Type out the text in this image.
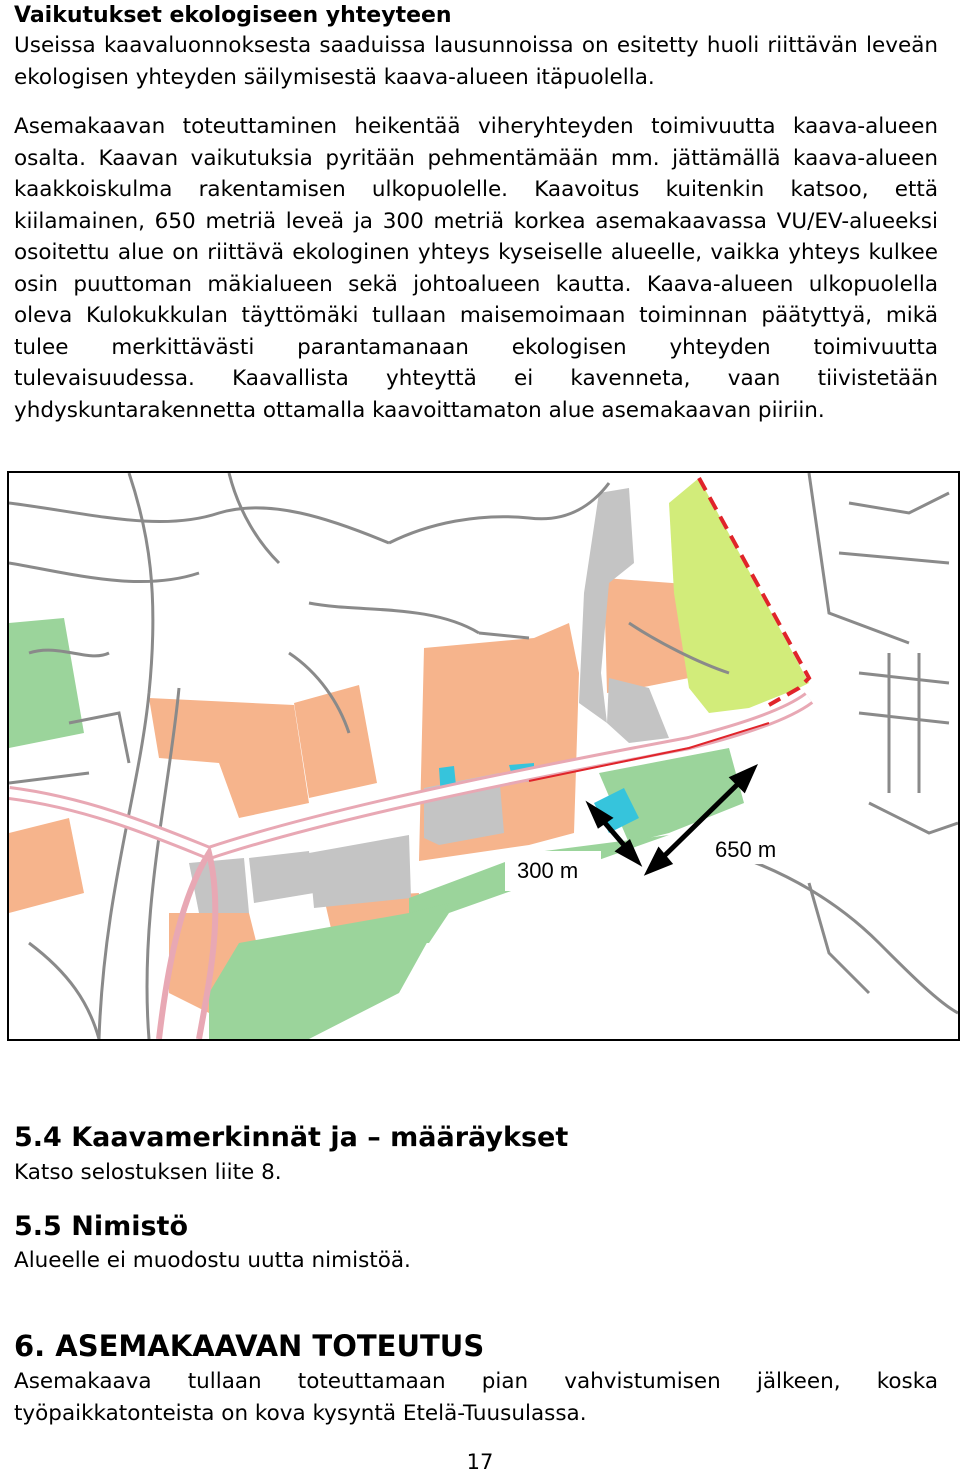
Vaikutukset ekologiseen yhteyteen

Useissa kaavaluonnoksesta saaduissa lausunnoissa on esitetty huoli riittävän leveän ekologisen yhteyden säilymisestä kaava-alueen itäpuolella.

Asemakaavan toteuttaminen heikentää viheryhteyden toimivuutta kaava-alueen osalta. Kaavan vaikutuksia pyritään pehmentämään mm. jättämällä kaava-alueen kaakkoiskulma rakentamisen ulkopuolelle. Kaavoitus kuitenkin katsoo, että kiilamainen, 650 metriä leveä ja 300 metriä korkea asemakaavassa VU/EV-alueeksi osoitettu alue on riittävä ekologinen yhteys kyseiselle alueelle, vaikka yhteys kulkee osin puuttoman mäkialueen sekä johtoalueen kautta. Kaava-alueen ulkopuolella oleva Kulokukkulan täyttömäki tullaan maisemoimaan toiminnan päätyttyä, mikä tulee merkittävästi parantamanaan ekologisen yhteyden toimivuutta tulevaisuudessa. Kaavallista yhteyttä ei kavenneta, vaan tiivistetään yhdyskuntarakennetta ottamalla kaavoittamaton alue asemakaavan piiriin.

300 m
650 m
5.4 Kaavamerkinnät ja – määräykset

Katso selostuksen liite 8.

5.5 Nimistö

Alueelle ei muodostu uutta nimistöä.

6. ASEMAKAAVAN TOTEUTUS

Asemakaava tullaan toteuttamaan pian vahvistumisen jälkeen, koska työpaikkatonteista on kova kysyntä Etelä-Tuusulassa.

17
